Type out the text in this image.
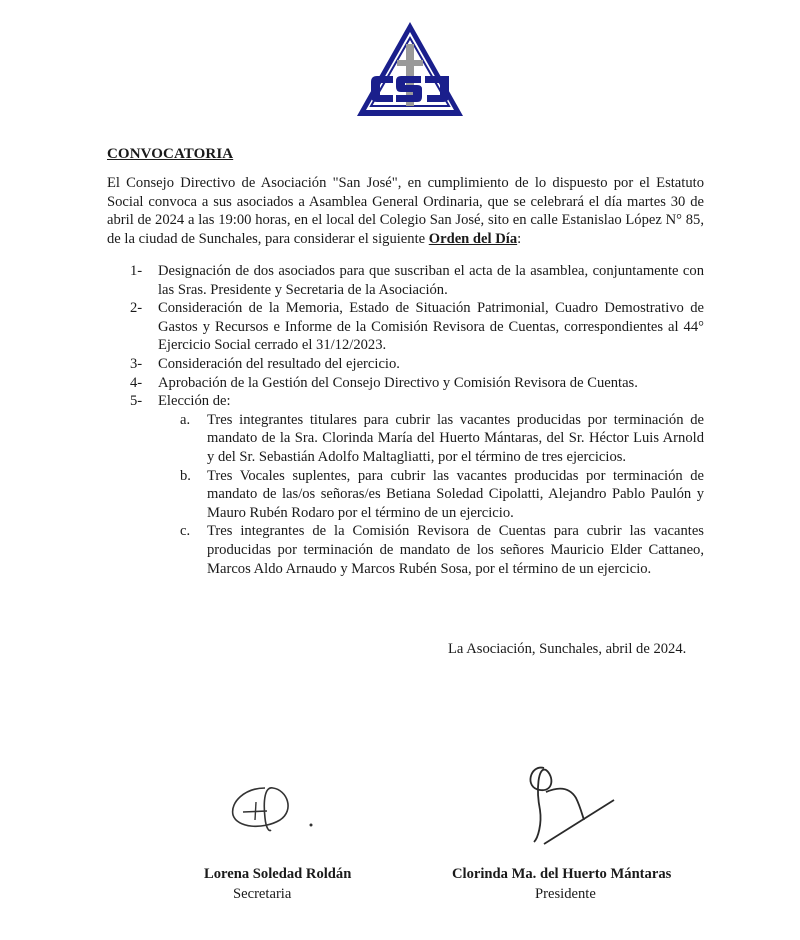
CONVOCATORIA
El Consejo Directivo de Asociación "San José", en cumplimiento de lo dispuesto por el Estatuto Social convoca a sus asociados a Asamblea General Ordinaria, que se celebrará el día martes 30 de abril de 2024 a las 19:00 horas, en el local del Colegio San José, sito en calle Estanislao López N° 85, de la ciudad de Sunchales, para considerar el siguiente Orden del Día:
1- Designación de dos asociados para que suscriban el acta de la asamblea, conjuntamente con las Sras. Presidente y Secretaria de la Asociación.
2- Consideración de la Memoria, Estado de Situación Patrimonial, Cuadro Demostrativo de Gastos y Recursos e Informe de la Comisión Revisora de Cuentas, correspondientes al 44° Ejercicio Social cerrado el 31/12/2023.
3- Consideración del resultado del ejercicio.
4- Aprobación de la Gestión del Consejo Directivo y Comisión Revisora de Cuentas.
5- Elección de:
a. Tres integrantes titulares para cubrir las vacantes producidas por terminación de mandato de la Sra. Clorinda María del Huerto Mántaras, del Sr. Héctor Luis Arnold y del Sr. Sebastián Adolfo Maltagliatti, por el término de tres ejercicios.
b. Tres Vocales suplentes, para cubrir las vacantes producidas por terminación de mandato de las/os señoras/es Betiana Soledad Cipolatti, Alejandro Pablo Paulón y Mauro Rubén Rodaro por el término de un ejercicio.
c. Tres integrantes de la Comisión Revisora de Cuentas para cubrir las vacantes producidas por terminación de mandato de los señores Mauricio Elder Cattaneo, Marcos Aldo Arnaudo y Marcos Rubén Sosa, por el término de un ejercicio.
La Asociación, Sunchales, abril de 2024.
Lorena Soledad Roldán
Secretaria
Clorinda Ma. del Huerto Mántaras
Presidente
